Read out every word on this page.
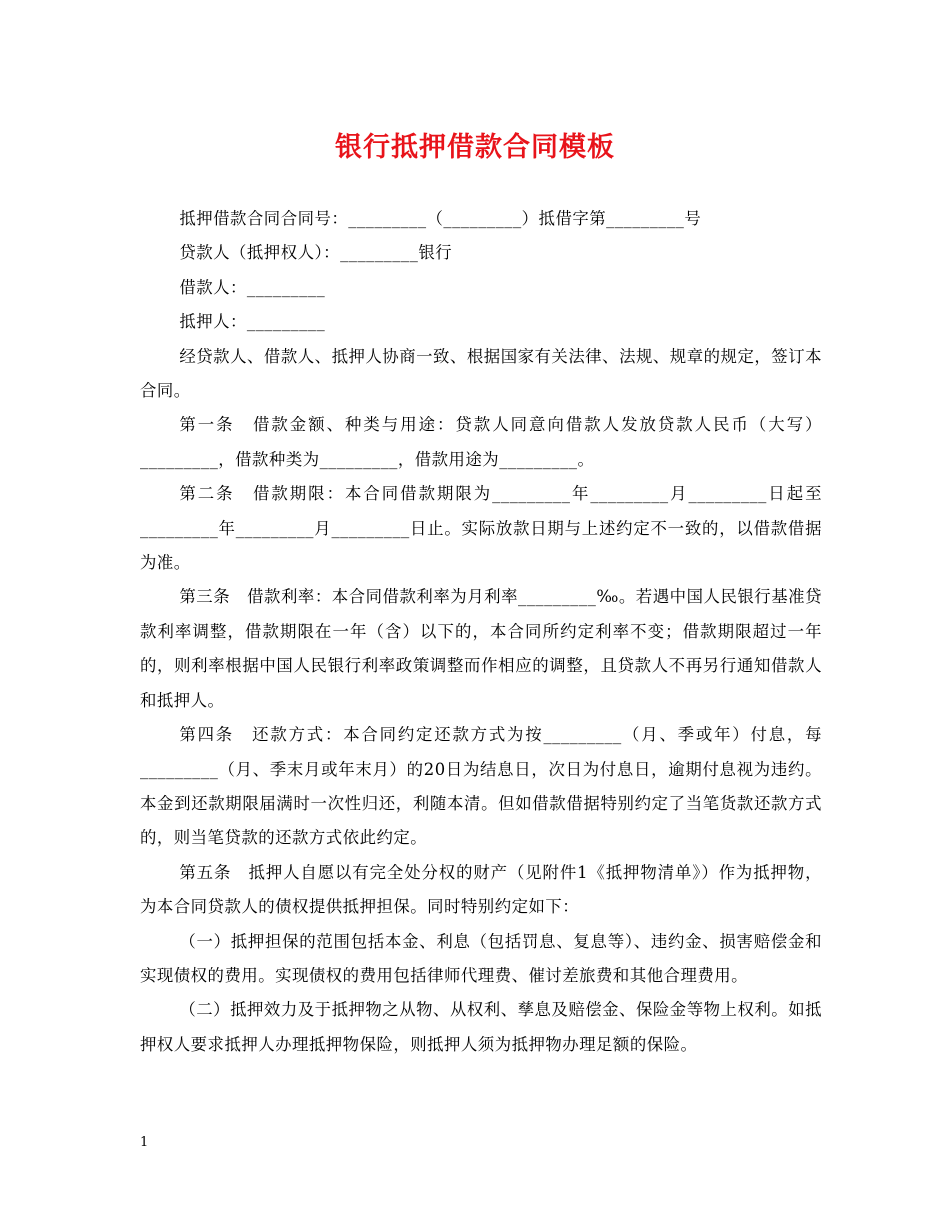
银行抵押借款合同模板

抵押借款合同合同号：_________（_________）抵借字第_________号

贷款人（抵押权人）：_________银行

借款人：_________

抵押人：_________

经贷款人、借款人、抵押人协商一致、根据国家有关法律、法规、规章的规定，签订本合同。

第一条　借款金额、种类与用途：贷款人同意向借款人发放贷款人民币（大写）_________，借款种类为_________，借款用途为_________。

第二条　借款期限：本合同借款期限为_________年_________月_________日起至_________年_________月_________日止。实际放款日期与上述约定不一致的，以借款借据为准。

第三条　借款利率：本合同借款利率为月利率_________‰。若遇中国人民银行基准贷款利率调整，借款期限在一年（含）以下的，本合同所约定利率不变；借款期限超过一年的，则利率根据中国人民银行利率政策调整而作相应的调整，且贷款人不再另行通知借款人和抵押人。

第四条　还款方式：本合同约定还款方式为按_________（月、季或年）付息，每_________（月、季末月或年末月）的20日为结息日，次日为付息日，逾期付息视为违约。本金到还款期限届满时一次性归还，利随本清。但如借款借据特别约定了当笔货款还款方式的，则当笔贷款的还款方式依此约定。

第五条　抵押人自愿以有完全处分权的财产（见附件1《抵押物清单》）作为抵押物，为本合同贷款人的债权提供抵押担保。同时特别约定如下：

（一）抵押担保的范围包括本金、利息（包括罚息、复息等）、违约金、损害赔偿金和实现债权的费用。实现债权的费用包括律师代理费、催讨差旅费和其他合理费用。

（二）抵押效力及于抵押物之从物、从权利、孳息及赔偿金、保险金等物上权利。如抵押权人要求抵押人办理抵押物保险，则抵押人须为抵押物办理足额的保险。

1
